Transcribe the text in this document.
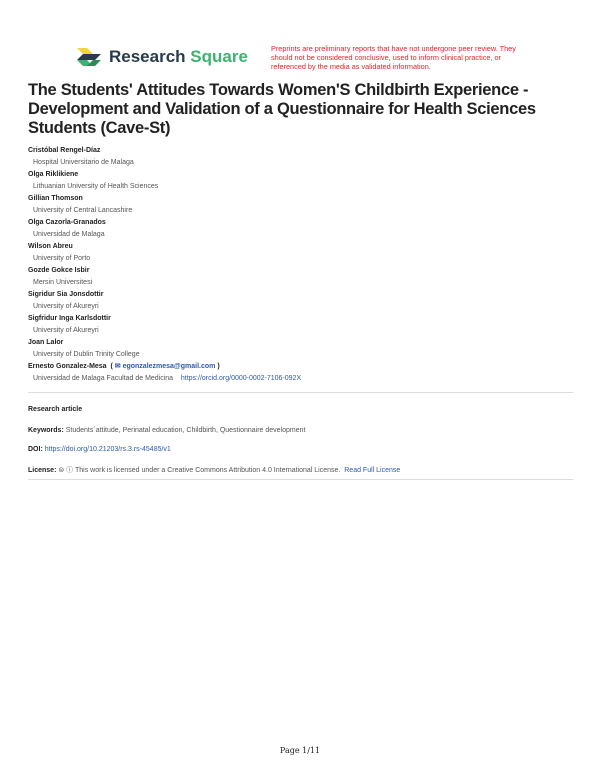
Research Square	Preprints are preliminary reports that have not undergone peer review. They should not be considered conclusive, used to inform clinical practice, or referenced by the media as validated information.
The Students' Attitudes Towards Women'S Childbirth Experience - Development and Validation of a Questionnaire for Health Sciences Students (Cave-St)
Cristóbal Rengel-Díaz
Hospital Universitario de Malaga
Olga Riklikiene
Lithuanian University of Health Sciences
Gillian Thomson
University of Central Lancashire
Olga Cazorla-Granados
Universidad de Malaga
Wilson Abreu
University of Porto
Gozde Gokce Isbir
Mersin Universitesi
Sigridur Sia Jonsdottir
University of Akureyri
Sigfridur Inga Karlsdottir
University of Akureyri
Joan Lalor
University of Dublin Trinity College
Ernesto Gonzalez-Mesa  ( ✉ egonzalezmesa@gmail.com )
Universidad de Malaga Facultad de Medicina https://orcid.org/0000-0002-7106-092X
Research article
Keywords: Students´attitude, Perinatal education, Childbirth, Questionnaire development
DOI: https://doi.org/10.21203/rs.3.rs-45485/v1
License: ⊜ ⓘ This work is licensed under a Creative Commons Attribution 4.0 International License. Read Full License
Page 1/11
